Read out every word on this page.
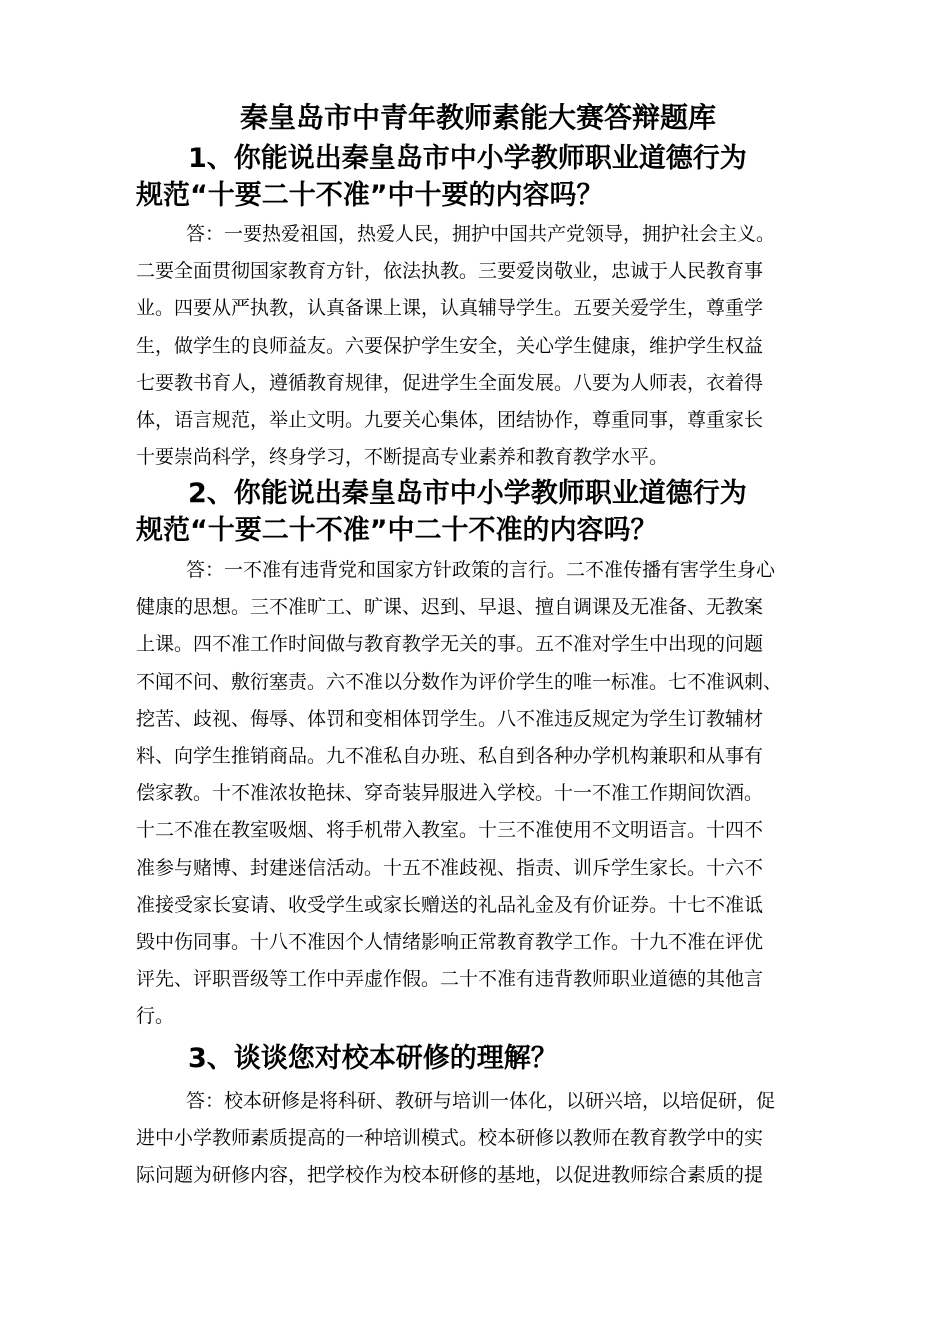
秦皇岛市中青年教师素能大赛答辩题库
1、你能说出秦皇岛市中小学教师职业道德行为
规范“十要二十不准”中十要的内容吗？
答：一要热爱祖国，热爱人民，拥护中国共产党领导，拥护社会主义。
二要全面贯彻国家教育方针，依法执教。三要爱岗敬业，忠诚于人民教育事
业。四要从严执教，认真备课上课，认真辅导学生。五要关爱学生，尊重学
生，做学生的良师益友。六要保护学生安全，关心学生健康，维护学生权益
七要教书育人，遵循教育规律，促进学生全面发展。八要为人师表，衣着得
体，语言规范，举止文明。九要关心集体，团结协作，尊重同事，尊重家长
十要崇尚科学，终身学习，不断提高专业素养和教育教学水平。
2、你能说出秦皇岛市中小学教师职业道德行为
规范“十要二十不准”中二十不准的内容吗？
答：一不准有违背党和国家方针政策的言行。二不准传播有害学生身心
健康的思想。三不准旷工、旷课、迟到、早退、擅自调课及无准备、无教案
上课。四不准工作时间做与教育教学无关的事。五不准对学生中出现的问题
不闻不问、敷衍塞责。六不准以分数作为评价学生的唯一标准。七不准讽刺、
挖苦、歧视、侮辱、体罚和变相体罚学生。八不准违反规定为学生订教辅材
料、向学生推销商品。九不准私自办班、私自到各种办学机构兼职和从事有
偿家教。十不准浓妆艳抹、穿奇装异服进入学校。十一不准工作期间饮酒。
十二不准在教室吸烟、将手机带入教室。十三不准使用不文明语言。十四不
准参与赌博、封建迷信活动。十五不准歧视、指责、训斥学生家长。十六不
准接受家长宴请、收受学生或家长赠送的礼品礼金及有价证券。十七不准诋
毁中伤同事。十八不准因个人情绪影响正常教育教学工作。十九不准在评优
评先、评职晋级等工作中弄虚作假。二十不准有违背教师职业道德的其他言
行。
3、谈谈您对校本研修的理解？
答：校本研修是将科研、教研与培训一体化，以研兴培，以培促研，促
进中小学教师素质提高的一种培训模式。校本研修以教师在教育教学中的实
际问题为研修内容，把学校作为校本研修的基地，以促进教师综合素质的提
